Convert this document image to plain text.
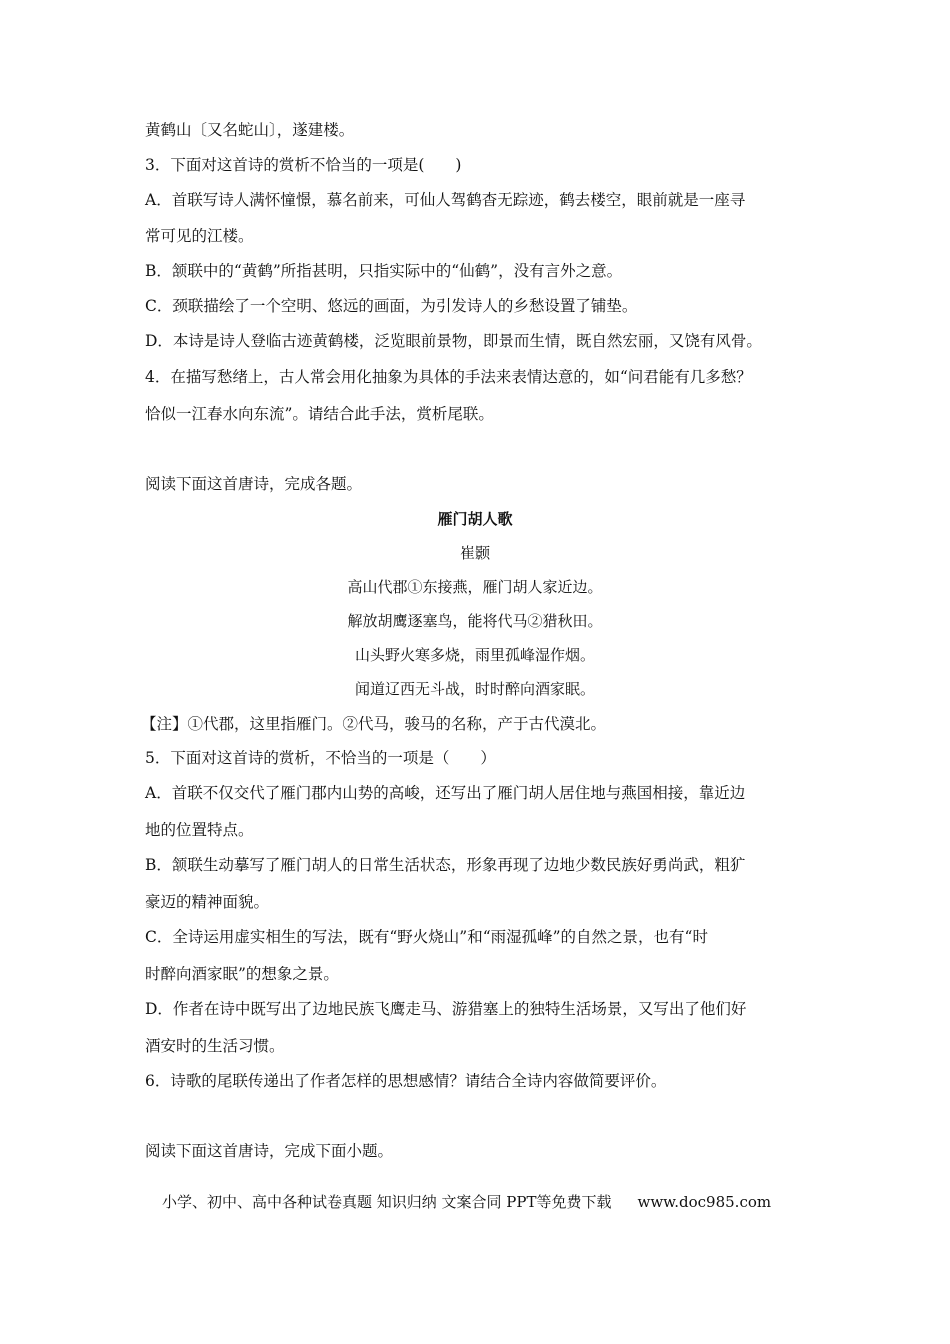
黄鹤山〔又名蛇山〕，遂建楼。
3．下面对这首诗的赏析不恰当的一项是(　　)
A．首联写诗人满怀憧憬，慕名前来，可仙人驾鹤杳无踪迹，鹤去楼空，眼前就是一座寻
常可见的江楼。
B．颔联中的“黄鹤”所指甚明，只指实际中的“仙鹤”，没有言外之意。
C．颈联描绘了一个空明、悠远的画面，为引发诗人的乡愁设置了铺垫。
D．本诗是诗人登临古迹黄鹤楼，泛览眼前景物，即景而生情，既自然宏丽，又饶有风骨。
4．在描写愁绪上，古人常会用化抽象为具体的手法来表情达意的，如“问君能有几多愁？
恰似一江春水向东流”。请结合此手法，赏析尾联。
阅读下面这首唐诗，完成各题。
雁门胡人歌
崔颢
高山代郡①东接燕，雁门胡人家近边。
解放胡鹰逐塞鸟，能将代马②猎秋田。
山头野火寒多烧，雨里孤峰湿作烟。
闻道辽西无斗战，时时醉向酒家眠。
【注】①代郡，这里指雁门。②代马，骏马的名称，产于古代漠北。
5．下面对这首诗的赏析，不恰当的一项是（　　）
A．首联不仅交代了雁门郡内山势的高峻，还写出了雁门胡人居住地与燕国相接，靠近边
地的位置特点。
B．颔联生动摹写了雁门胡人的日常生活状态，形象再现了边地少数民族好勇尚武，粗犷
豪迈的精神面貌。
C．全诗运用虚实相生的写法，既有“野火烧山”和“雨湿孤峰”的自然之景，也有“时
时醉向酒家眠”的想象之景。
D．作者在诗中既写出了边地民族飞鹰走马、游猎塞上的独特生活场景，又写出了他们好
酒安时的生活习惯。
6．诗歌的尾联传递出了作者怎样的思想感情？请结合全诗内容做简要评价。
阅读下面这首唐诗，完成下面小题。
小学、初中、高中各种试卷真题 知识归纳 文案合同 PPT等免费下载 www.doc985.com
